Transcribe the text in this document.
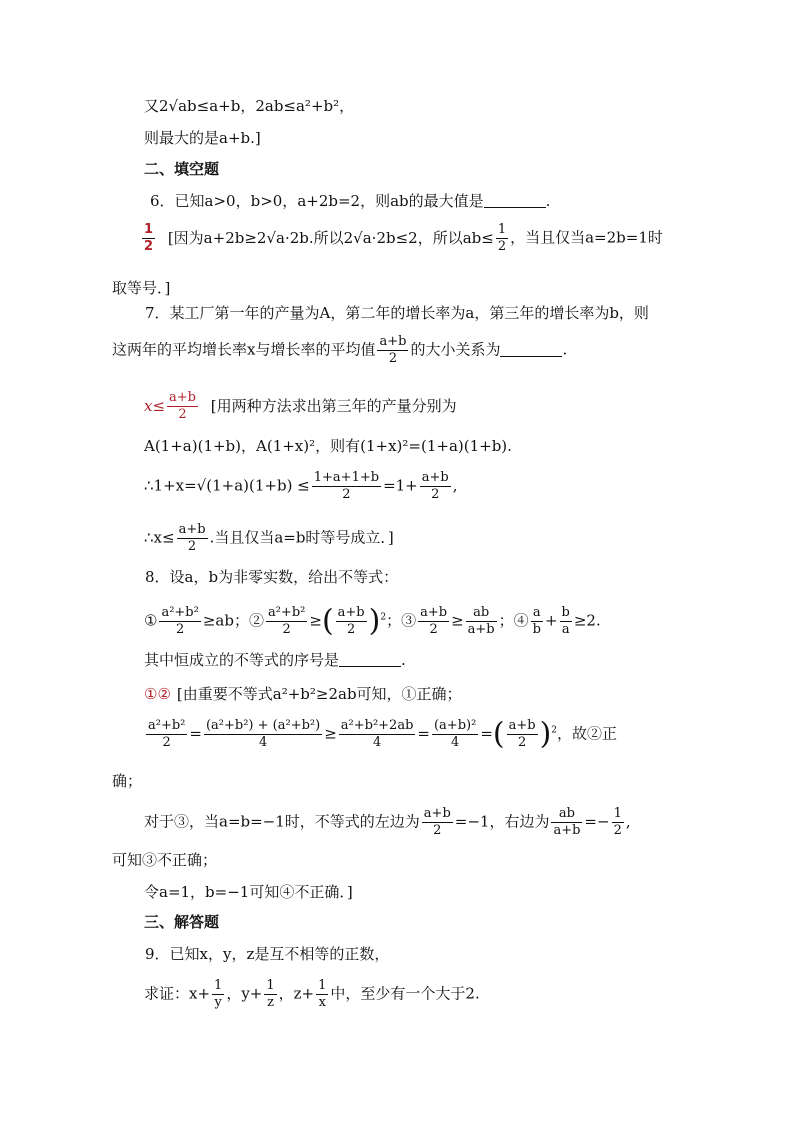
又2√ab≤a+b，2ab≤a²+b²，
则最大的是a+b.]
二、填空题
6．已知a>0，b>0，a+2b=2，则ab的最大值是	.
$\frac{1}{2}$ [因为a+2b≥2√a·2b.所以2√a·2b≤2，所以$ab\le \frac{1}{2}$ ，当且仅当a=2b=1时
取等号．]
7．某工厂第一年的产量为A，第二年的增长率为a，第三年的增长率为b，则
这两年的平均增长率x与增长率的平均值 $\frac{a+b}{2}$ 的大小关系为	.
$x\le \frac{a+b}{2}$ [用两种方法求出第三年的产量分别为
A(1+a)(1+b)，A(1+x)²，则有(1+x)²=(1+a)(1+b).
∴1+x=√(1+a)(1+b) ≤ $\frac{1+a+1+b}{2} =1+ \frac{a+b}{2}$ ,
∴x≤ $\frac{a+b}{2}$ .当且仅当a=b时等号成立．]
8．设a，b为非零实数，给出不等式：
① $\frac{\text{a²+b²}}{2} \ge ab$；② $\frac{\text{a²+b²}}{2}$ ≥( $\frac{a+b}{2} )^2$；③ $\frac{a+b}{2} \ge \frac{ab}{a+b}$ ；④ $\frac{a}{b} + \frac{b}{a} \ge 2$.
其中恒成立的不等式的序号是	.
①② [由重要不等式a²+b²≥2ab可知，①正确；
$\frac{\text{a²+b²}}{2} = \frac{\text{(a²+b²) + (a²+b²)}}{4} \ge \frac{\text{a²+b²+2ab}}{4} = \frac{\text{(a+b)²}}{4}$ =( $\frac{a+b}{2} )^2$，故②正
确；
对于③，当a=b=−1时，不等式的左边为 $\frac{a+b}{2} =-1$，右边为 $\frac{ab}{a+b} =- \frac{1}{2}$ ,
可知③不正确；
令a=1，b=−1可知④不正确．]
三、解答题
9．已知x，y，z是互不相等的正数，
求证：$x+ \frac{1}{y}$ ，$y+ \frac{1}{z}$ ，$z+ \frac{1}{x}$ 中，至少有一个大于2.
